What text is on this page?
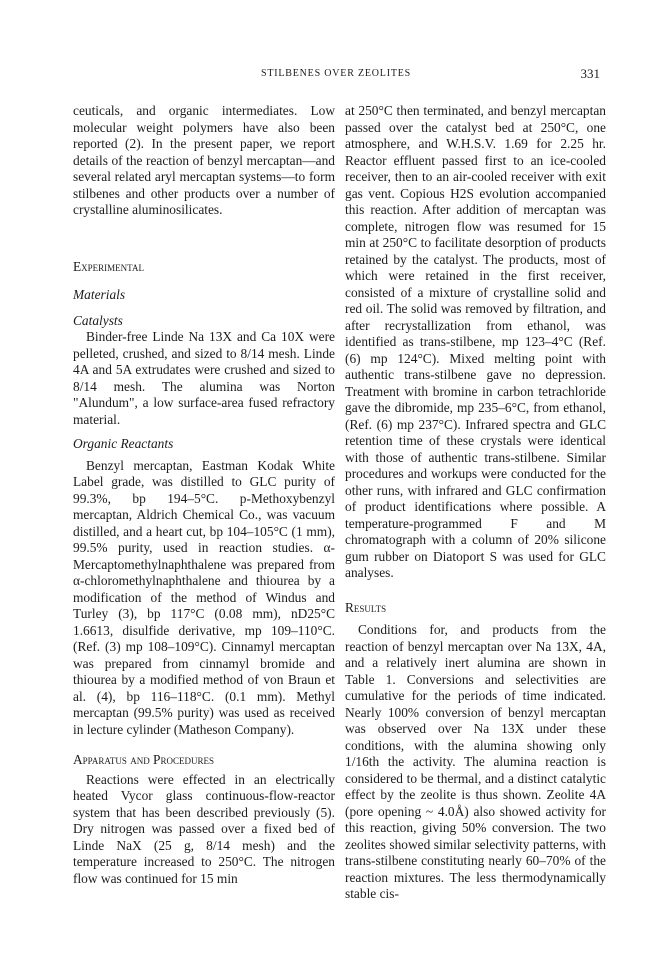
STILBENES OVER ZEOLITES	331

ceuticals, and organic intermediates. Low molecular weight polymers have also been reported (2). In the present paper, we report details of the reaction of benzyl mercaptan—and several related aryl mercaptan systems—to form stilbenes and other products over a number of crystalline aluminosilicates.

Experimental

Materials

Catalysts

Binder-free Linde Na 13X and Ca 10X were pelleted, crushed, and sized to 8/14 mesh. Linde 4A and 5A extrudates were crushed and sized to 8/14 mesh. The alumina was Norton "Alundum", a low surface-area fused refractory material.

Organic Reactants

Benzyl mercaptan, Eastman Kodak White Label grade, was distilled to GLC purity of 99.3%, bp 194–5°C. p-Methoxybenzyl mercaptan, Aldrich Chemical Co., was vacuum distilled, and a heart cut, bp 104–105°C (1 mm), 99.5% purity, used in reaction studies. α-Mercaptomethylnaphthalene was prepared from α-chloromethylnaphthalene and thiourea by a modification of the method of Windus and Turley (3), bp 117°C (0.08 mm), nD25°C 1.6613, disulfide derivative, mp 109–110°C. (Ref. (3) mp 108–109°C). Cinnamyl mercaptan was prepared from cinnamyl bromide and thiourea by a modified method of von Braun et al. (4), bp 116–118°C. (0.1 mm). Methyl mercaptan (99.5% purity) was used as received in lecture cylinder (Matheson Company).

Apparatus and Procedures

Reactions were effected in an electrically heated Vycor glass continuous-flow-reactor system that has been described previously (5). Dry nitrogen was passed over a fixed bed of Linde NaX (25 g, 8/14 mesh) and the temperature increased to 250°C. The nitrogen flow was continued for 15 min

at 250°C then terminated, and benzyl mercaptan passed over the catalyst bed at 250°C, one atmosphere, and W.H.S.V. 1.69 for 2.25 hr. Reactor effluent passed first to an ice-cooled receiver, then to an air-cooled receiver with exit gas vent. Copious H2S evolution accompanied this reaction. After addition of mercaptan was complete, nitrogen flow was resumed for 15 min at 250°C to facilitate desorption of products retained by the catalyst. The products, most of which were retained in the first receiver, consisted of a mixture of crystalline solid and red oil. The solid was removed by filtration, and after recrystallization from ethanol, was identified as trans-stilbene, mp 123–4°C (Ref. (6) mp 124°C). Mixed melting point with authentic trans-stilbene gave no depression. Treatment with bromine in carbon tetrachloride gave the dibromide, mp 235–6°C, from ethanol, (Ref. (6) mp 237°C). Infrared spectra and GLC retention time of these crystals were identical with those of authentic trans-stilbene. Similar procedures and workups were conducted for the other runs, with infrared and GLC confirmation of product identifications where possible. A temperature-programmed F and M chromatograph with a column of 20% silicone gum rubber on Diatoport S was used for GLC analyses.

Results

Conditions for, and products from the reaction of benzyl mercaptan over Na 13X, 4A, and a relatively inert alumina are shown in Table 1. Conversions and selectivities are cumulative for the periods of time indicated. Nearly 100% conversion of benzyl mercaptan was observed over Na 13X under these conditions, with the alumina showing only 1/16th the activity. The alumina reaction is considered to be thermal, and a distinct catalytic effect by the zeolite is thus shown. Zeolite 4A (pore opening ~ 4.0Å) also showed activity for this reaction, giving 50% conversion. The two zeolites showed similar selectivity patterns, with trans-stilbene constituting nearly 60–70% of the reaction mixtures. The less thermodynamically stable cis-
